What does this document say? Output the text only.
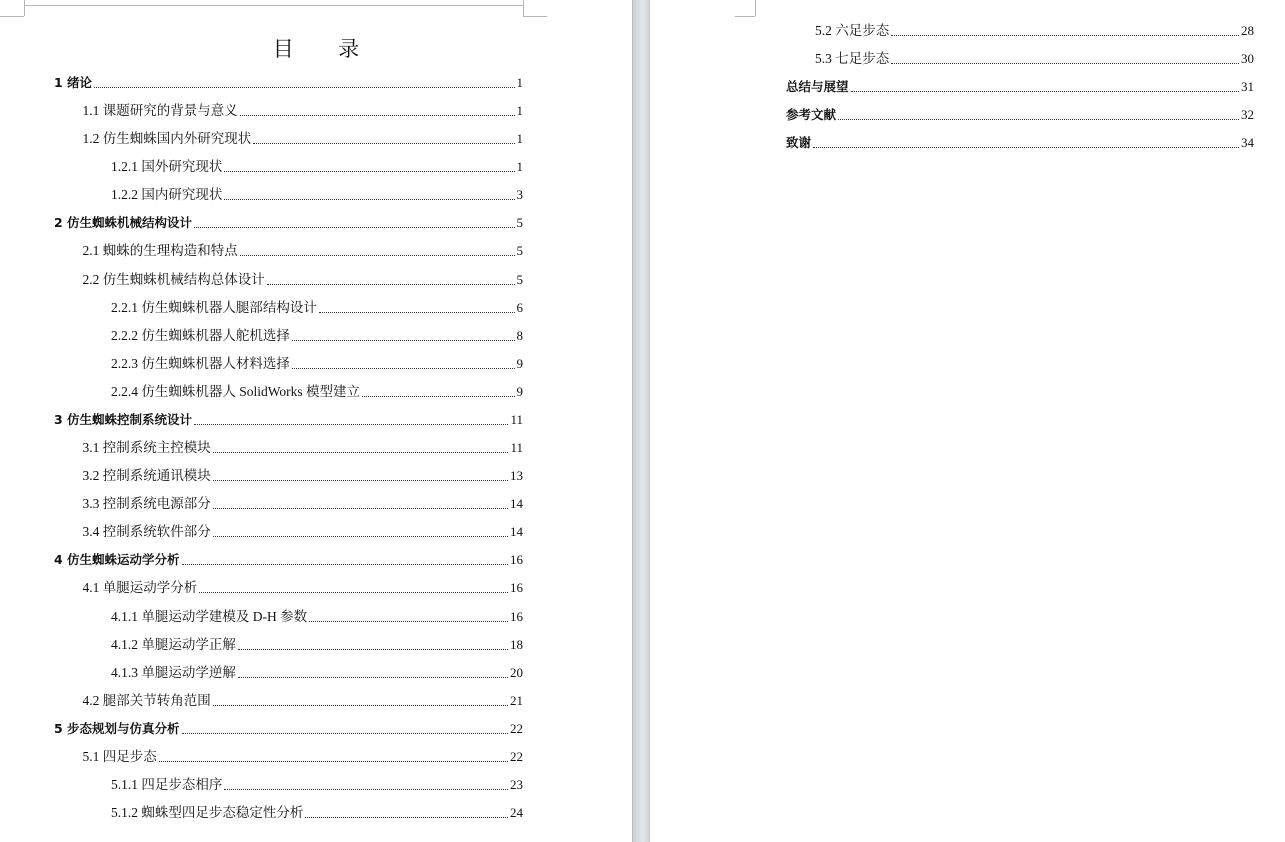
目 录
1 绪论	1
1.1 课题研究的背景与意义	1
1.2 仿生蜘蛛国内外研究现状	1
1.2.1 国外研究现状	1
1.2.2 国内研究现状	3
2 仿生蜘蛛机械结构设计	5
2.1 蜘蛛的生理构造和特点	5
2.2 仿生蜘蛛机械结构总体设计	5
2.2.1 仿生蜘蛛机器人腿部结构设计	6
2.2.2 仿生蜘蛛机器人舵机选择	8
2.2.3 仿生蜘蛛机器人材料选择	9
2.2.4 仿生蜘蛛机器人 SolidWorks 模型建立	9
3 仿生蜘蛛控制系统设计	11
3.1 控制系统主控模块	11
3.2 控制系统通讯模块	13
3.3 控制系统电源部分	14
3.4 控制系统软件部分	14
4 仿生蜘蛛运动学分析	16
4.1 单腿运动学分析	16
4.1.1 单腿运动学建模及 D-H 参数	16
4.1.2 单腿运动学正解	18
4.1.3 单腿运动学逆解	20
4.2 腿部关节转角范围	21
5 步态规划与仿真分析	22
5.1 四足步态	22
5.1.1 四足步态相序	23
5.1.2 蜘蛛型四足步态稳定性分析	24
5.2 六足步态	28
5.3 七足步态	30
总结与展望	31
参考文献	32
致谢	34
